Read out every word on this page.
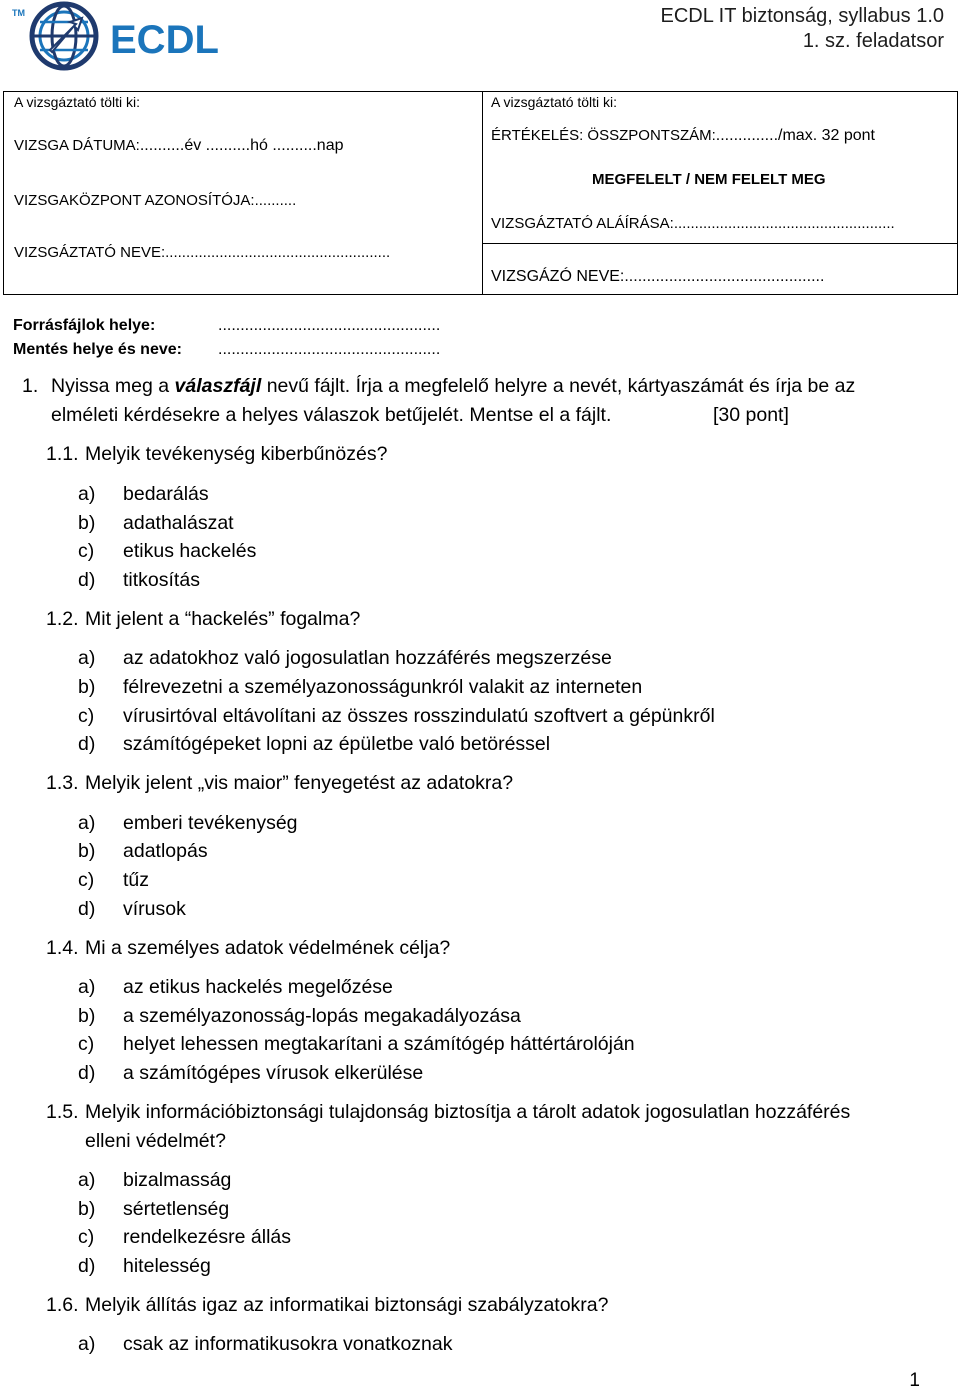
TM
ECDL
ECDL IT biztonság, syllabus 1.0
1. sz. feladatsor
A vizsgáztató tölti ki:
VIZSGA DÁTUMA:..........év ..........hó ..........nap
VIZSGAKÖZPONT AZONOSÍTÓJA:..........
VIZSGÁZTATÓ NEVE:......................................................
A vizsgáztató tölti ki:
ÉRTÉKELÉS: ÖSSZPONTSZÁM:............../max. 32 pont
MEGFELELT / NEM FELELT MEG
VIZSGÁZTATÓ ALÁÍRÁSA:.....................................................
VIZSGÁZÓ NEVE:.............................................
Forrásfájlok helye:	..................................................
Mentés helye és neve: ..................................................
1. Nyissa meg a válaszfájl nevű fájlt. Írja a megfelelő helyre a nevét, kártyaszámát és írja be az
elméleti kérdésekre a helyes válaszok betűjelét. Mentse el a fájlt.	[30 pont]
1.1. Melyik tevékenység kiberbűnözés?
a) bedarálás
b) adathalászat
c) etikus hackelés
d) titkosítás
1.2. Mit jelent a “hackelés” fogalma?
a) az adatokhoz való jogosulatlan hozzáférés megszerzése
b) félrevezetni a személyazonosságunkról valakit az interneten
c) vírusirtóval eltávolítani az összes rosszindulatú szoftvert a gépünkről
d) számítógépeket lopni az épületbe való betöréssel
1.3. Melyik jelent „vis maior” fenyegetést az adatokra?
a) emberi tevékenység
b) adatlopás
c) tűz
d) vírusok
1.4. Mi a személyes adatok védelmének célja?
a) az etikus hackelés megelőzése
b) a személyazonosság-lopás megakadályozása
c) helyet lehessen megtakarítani a számítógép háttértárolóján
d) a számítógépes vírusok elkerülése
1.5. Melyik információbiztonsági tulajdonság biztosítja a tárolt adatok jogosulatlan hozzáférés
elleni védelmét?
a) bizalmasság
b) sértetlenség
c) rendelkezésre állás
d) hitelesség
1.6. Melyik állítás igaz az informatikai biztonsági szabályzatokra?
a) csak az informatikusokra vonatkoznak
1
